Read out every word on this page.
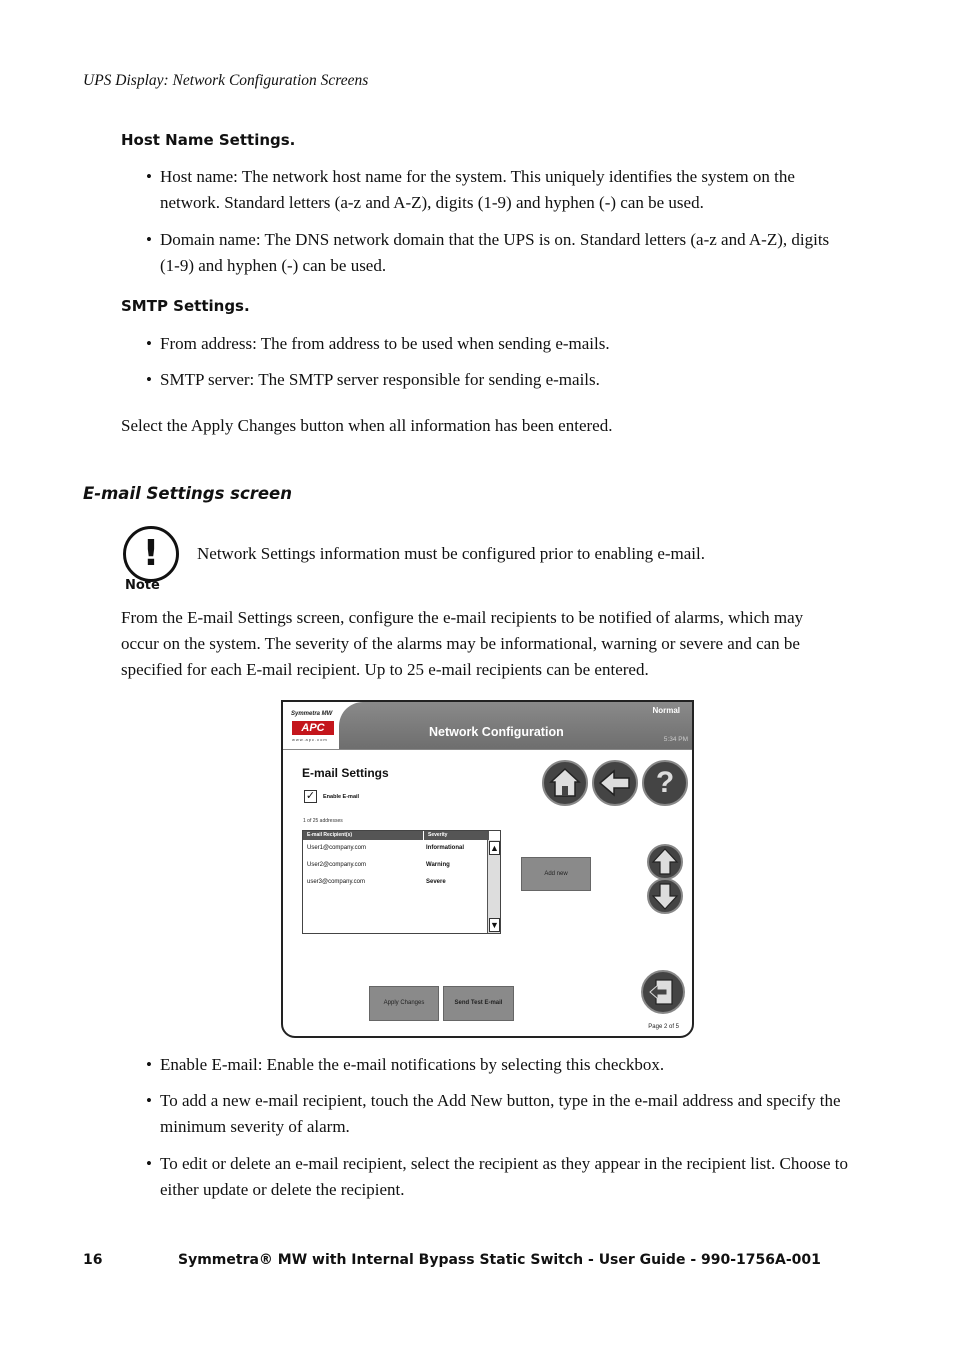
UPS Display: Network Configuration Screens
Host Name Settings.
• Host name: The network host name for the system. This uniquely identifies the system on the network. Standard letters (a-z and A-Z), digits (1-9) and hyphen (-) can be used.
• Domain name: The DNS network domain that the UPS is on. Standard letters (a-z and A-Z), digits (1-9) and hyphen (-) can be used.
SMTP Settings.
• From address: The from address to be used when sending e-mails.
• SMTP server: The SMTP server responsible for sending e-mails.
Select the Apply Changes button when all information has been entered.
E-mail Settings screen
!
Note
Network Settings information must be configured prior to enabling e-mail.
From the E-mail Settings screen, configure the e-mail recipients to be notified of alarms, which may occur on the system. The severity of the alarms may be informational, warning or severe and can be specified for each E-mail recipient. Up to 25 e-mail recipients can be entered.
Symmetra MW
APC
www.apc.com
Network Configuration
Normal
5:34 PM
E-mail Settings
✓	Enable E-mail
1 of 25 addresses
E-mail Recipient(s)	Severity
User1@company.com	Informational
User2@company.com	Warning
user3@company.com	Severe
▲
▼
Add new
Apply Changes	Send Test E-mail
?
Page 2 of 5
• Enable E-mail: Enable the e-mail notifications by selecting this checkbox.
• To add a new e-mail recipient, touch the Add New button, type in the e-mail address and specify the minimum severity of alarm.
• To edit or delete an e-mail recipient, select the recipient as they appear in the recipient list. Choose to either update or delete the recipient.
16	Symmetra® MW with Internal Bypass Static Switch - User Guide - 990-1756A-001
